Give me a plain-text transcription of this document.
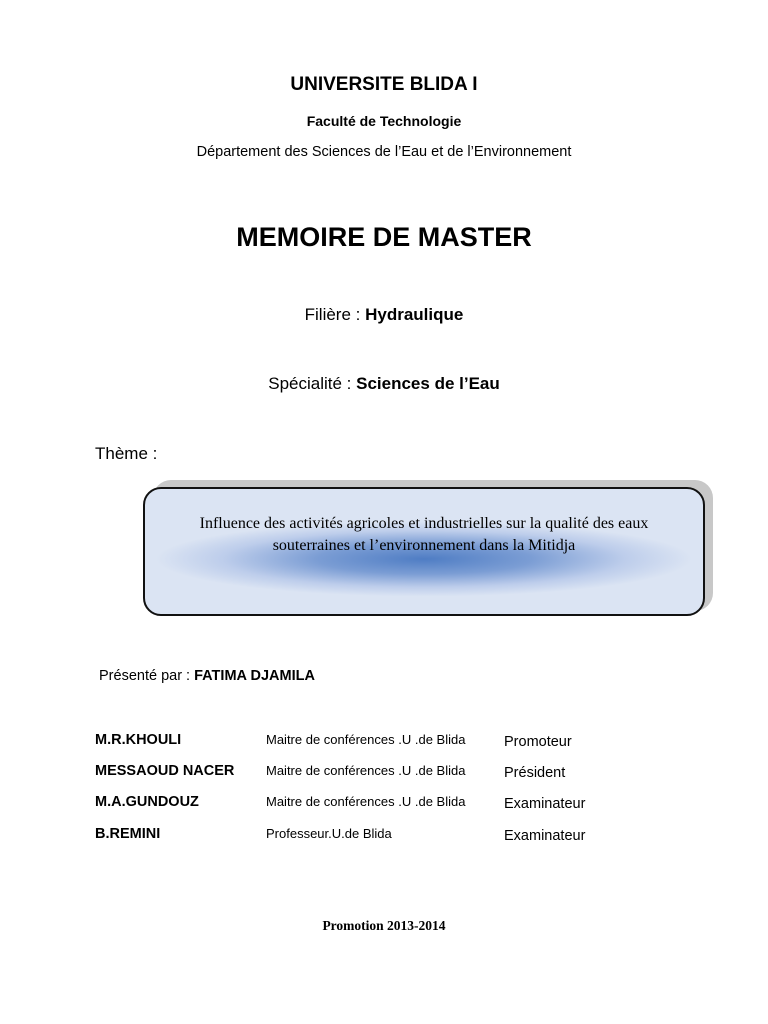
UNIVERSITE BLIDA I
Faculté de Technologie
Département des Sciences de l’Eau et de l’Environnement
MEMOIRE DE MASTER
Filière : Hydraulique
Spécialité : Sciences de l’Eau
Thème :
Influence des activités agricoles et industrielles sur la qualité des eaux
souterraines et l’environnement dans la Mitidja
Présenté par : FATIMA DJAMILA
M.R.KHOULI	Maitre de conférences .U .de Blida	Promoteur
MESSAOUD NACER Maitre de conférences .U .de Blida	Président
M.A.GUNDOUZ	Maitre de conférences .U .de Blida	Examinateur
B.REMINI	Professeur.U.de Blida	Examinateur
Promotion 2013-2014
